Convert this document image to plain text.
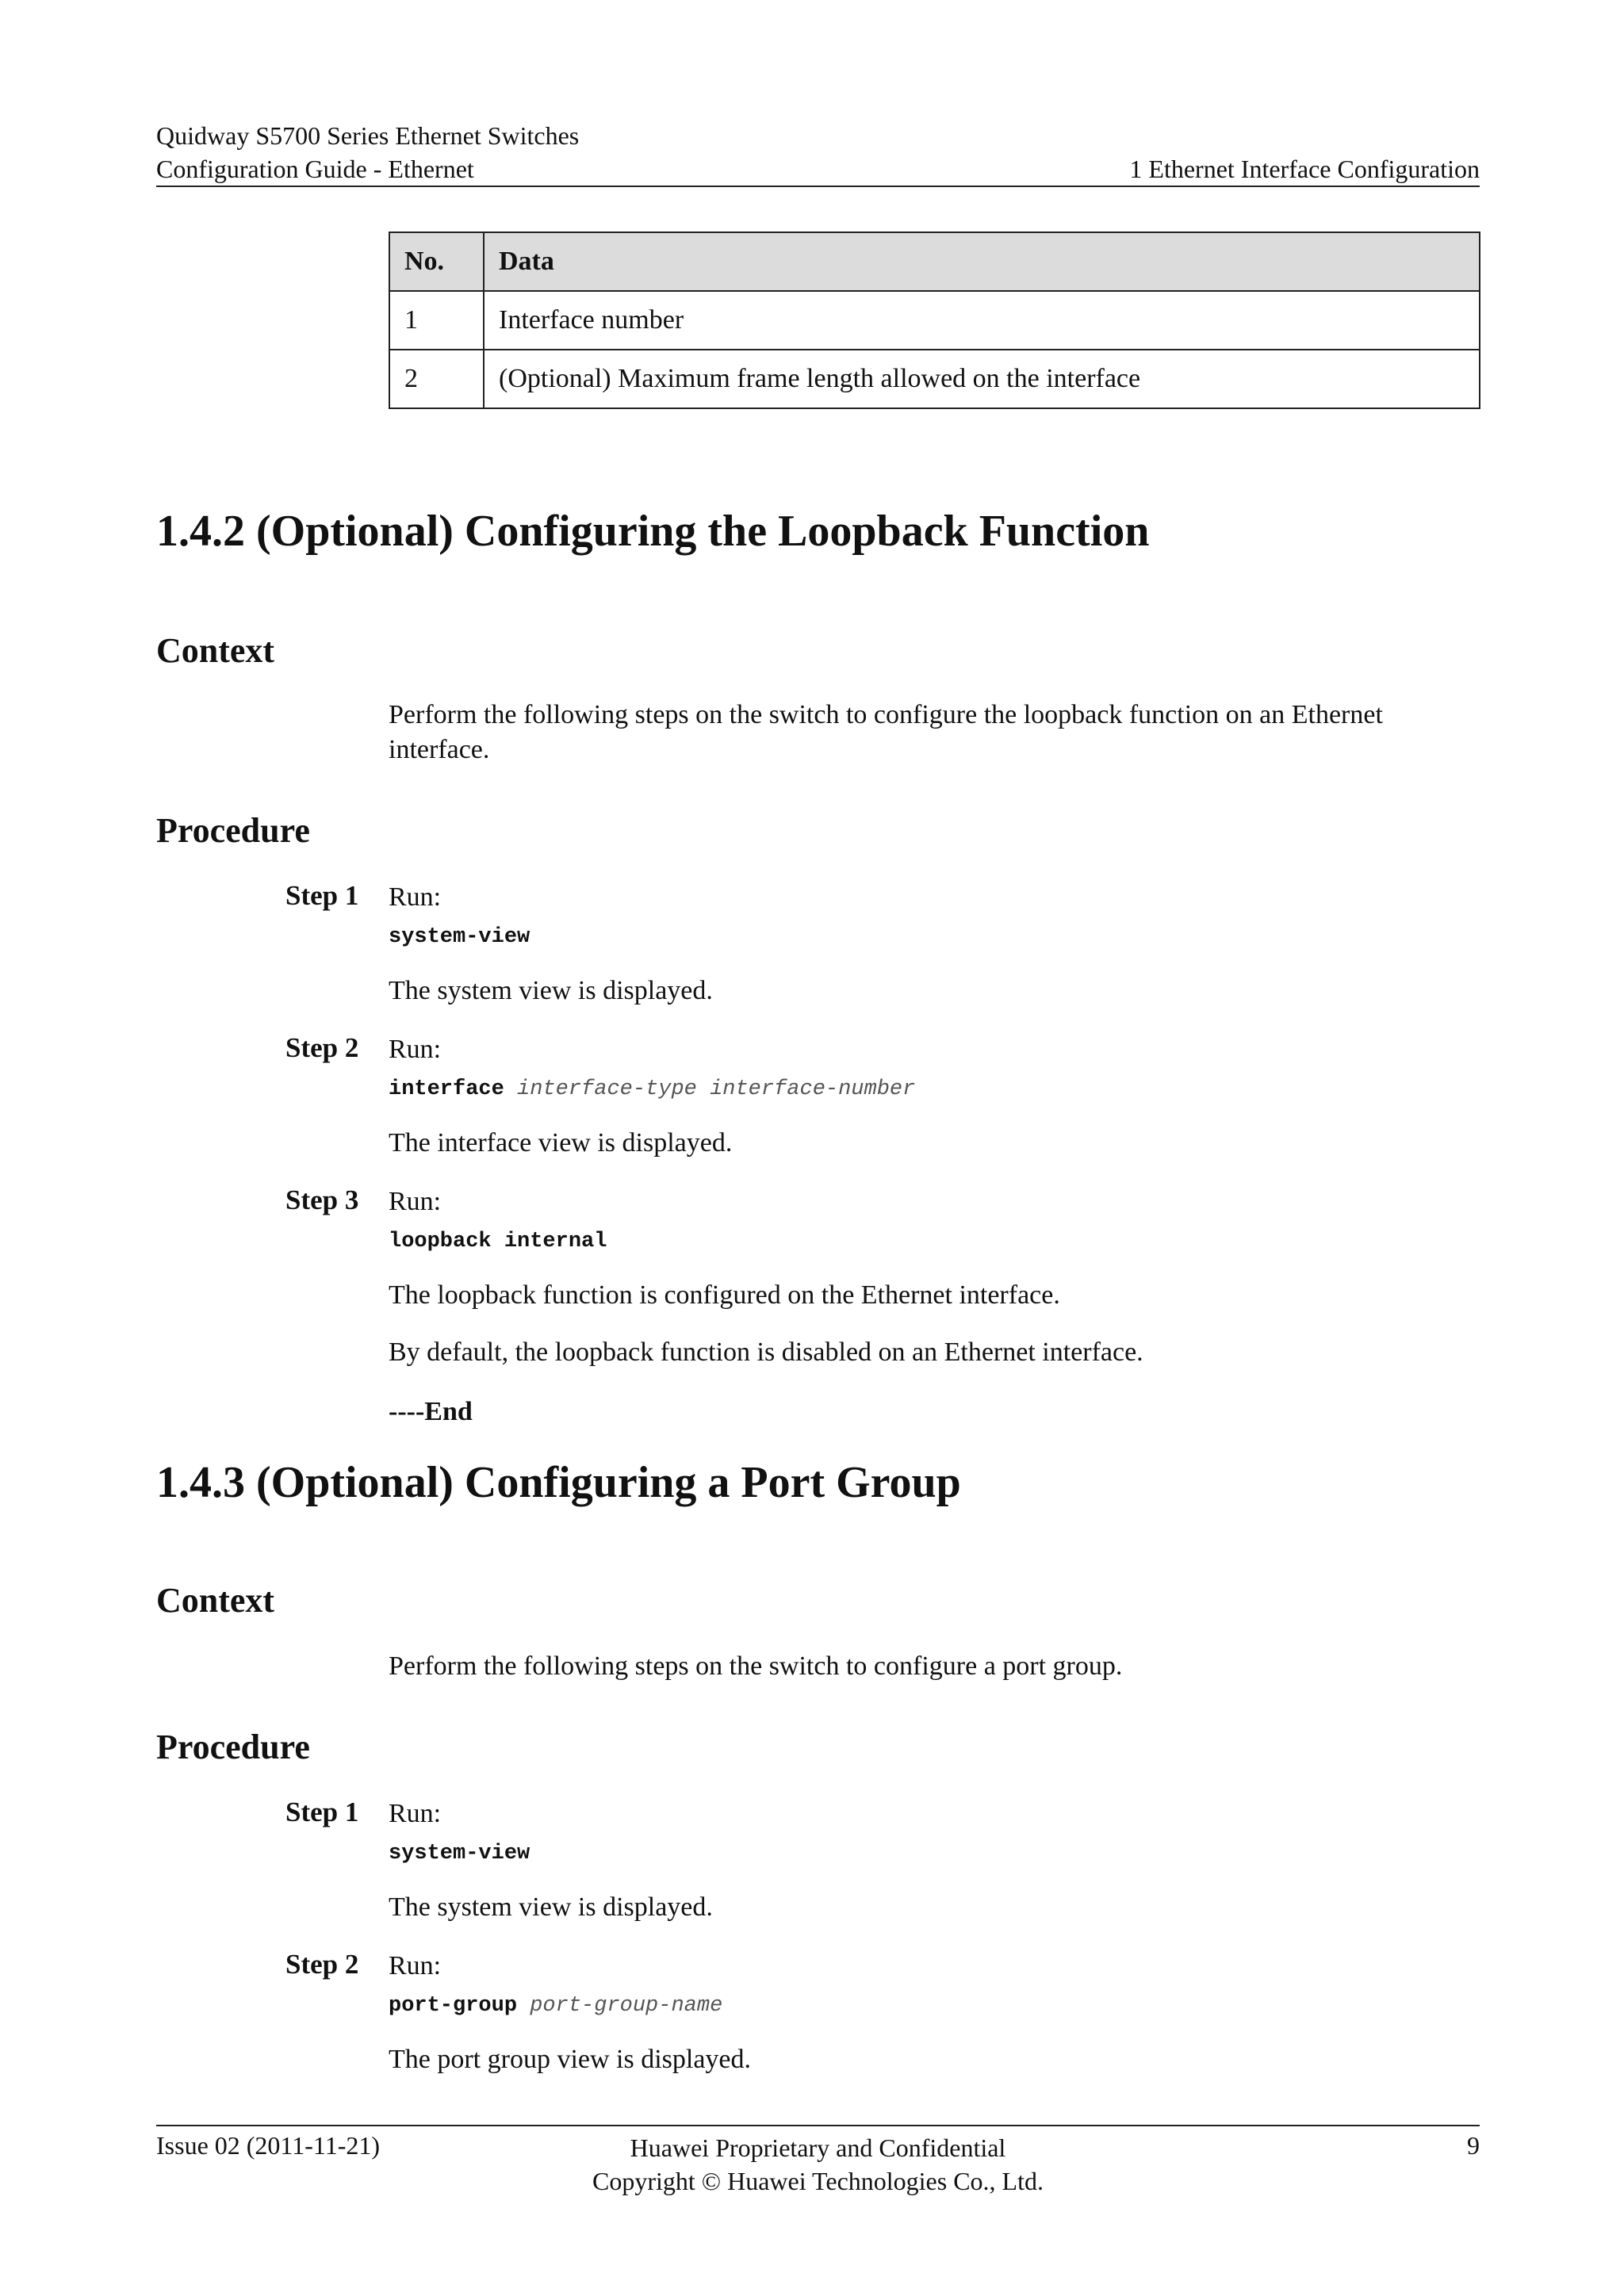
Quidway S5700 Series Ethernet Switches
Configuration Guide - Ethernet	1 Ethernet Interface Configuration
No.	Data
1	Interface number
2	(Optional) Maximum frame length allowed on the interface
1.4.2 (Optional) Configuring the Loopback Function
Context
Perform the following steps on the switch to configure the loopback function on an Ethernet interface.
Procedure
Step 1 Run:
system-view
The system view is displayed.
Step 2 Run:
interface interface-type interface-number
The interface view is displayed.
Step 3 Run:
loopback internal
The loopback function is configured on the Ethernet interface.
By default, the loopback function is disabled on an Ethernet interface.
----End
1.4.3 (Optional) Configuring a Port Group
Context
Perform the following steps on the switch to configure a port group.
Procedure
Step 1 Run:
system-view
The system view is displayed.
Step 2 Run:
port-group port-group-name
The port group view is displayed.
Issue 02 (2011-11-21)	Huawei Proprietary and Confidential
Copyright © Huawei Technologies Co., Ltd.
9
